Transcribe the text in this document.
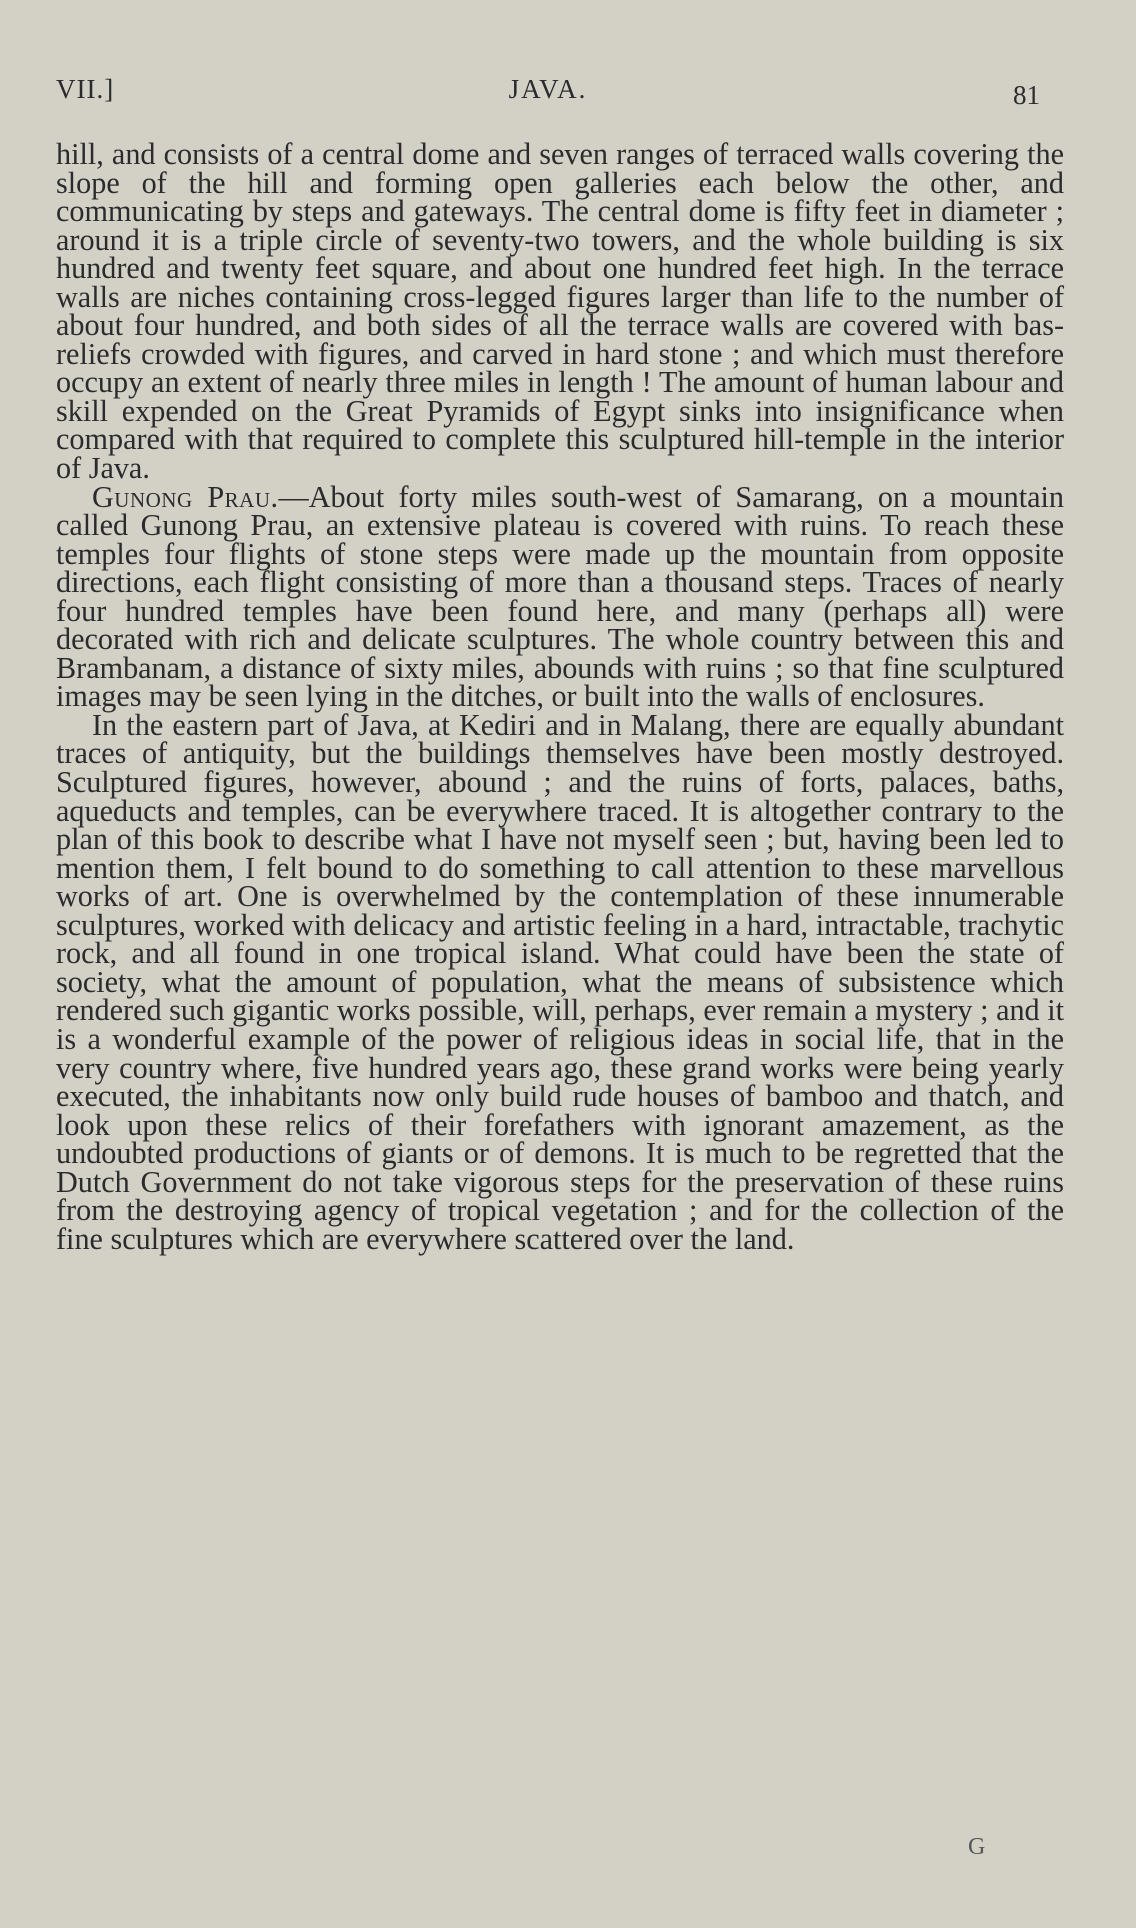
VII.]	JAVA.	81

hill, and consists of a central dome and seven ranges of terraced walls covering the slope of the hill and forming open galleries each below the other, and communicating by steps and gateways. The central dome is fifty feet in diameter ; around it is a triple circle of seventy-two towers, and the whole building is six hundred and twenty feet square, and about one hundred feet high. In the terrace walls are niches containing cross-legged figures larger than life to the number of about four hundred, and both sides of all the terrace walls are covered with bas-reliefs crowded with figures, and carved in hard stone ; and which must therefore occupy an extent of nearly three miles in length ! The amount of human labour and skill expended on the Great Pyramids of Egypt sinks into insignificance when compared with that required to complete this sculptured hill-temple in the interior of Java.

Gunong Prau.—About forty miles south-west of Samarang, on a mountain called Gunong Prau, an extensive plateau is covered with ruins. To reach these temples four flights of stone steps were made up the mountain from opposite directions, each flight consisting of more than a thousand steps. Traces of nearly four hundred temples have been found here, and many (perhaps all) were decorated with rich and delicate sculptures. The whole country between this and Brambanam, a distance of sixty miles, abounds with ruins ; so that fine sculptured images may be seen lying in the ditches, or built into the walls of enclosures.

In the eastern part of Java, at Kediri and in Malang, there are equally abundant traces of antiquity, but the buildings themselves have been mostly destroyed. Sculptured figures, however, abound ; and the ruins of forts, palaces, baths, aqueducts and temples, can be everywhere traced. It is altogether contrary to the plan of this book to describe what I have not myself seen ; but, having been led to mention them, I felt bound to do something to call attention to these marvellous works of art. One is overwhelmed by the contemplation of these innumerable sculptures, worked with delicacy and artistic feeling in a hard, intractable, trachytic rock, and all found in one tropical island. What could have been the state of society, what the amount of population, what the means of subsistence which rendered such gigantic works possible, will, perhaps, ever remain a mystery ; and it is a wonderful example of the power of religious ideas in social life, that in the very country where, five hundred years ago, these grand works were being yearly executed, the inhabitants now only build rude houses of bamboo and thatch, and look upon these relics of their forefathers with ignorant amazement, as the undoubted productions of giants or of demons. It is much to be regretted that the Dutch Government do not take vigorous steps for the preservation of these ruins from the destroying agency of tropical vegetation ; and for the collection of the fine sculptures which are everywhere scattered over the land.

G
